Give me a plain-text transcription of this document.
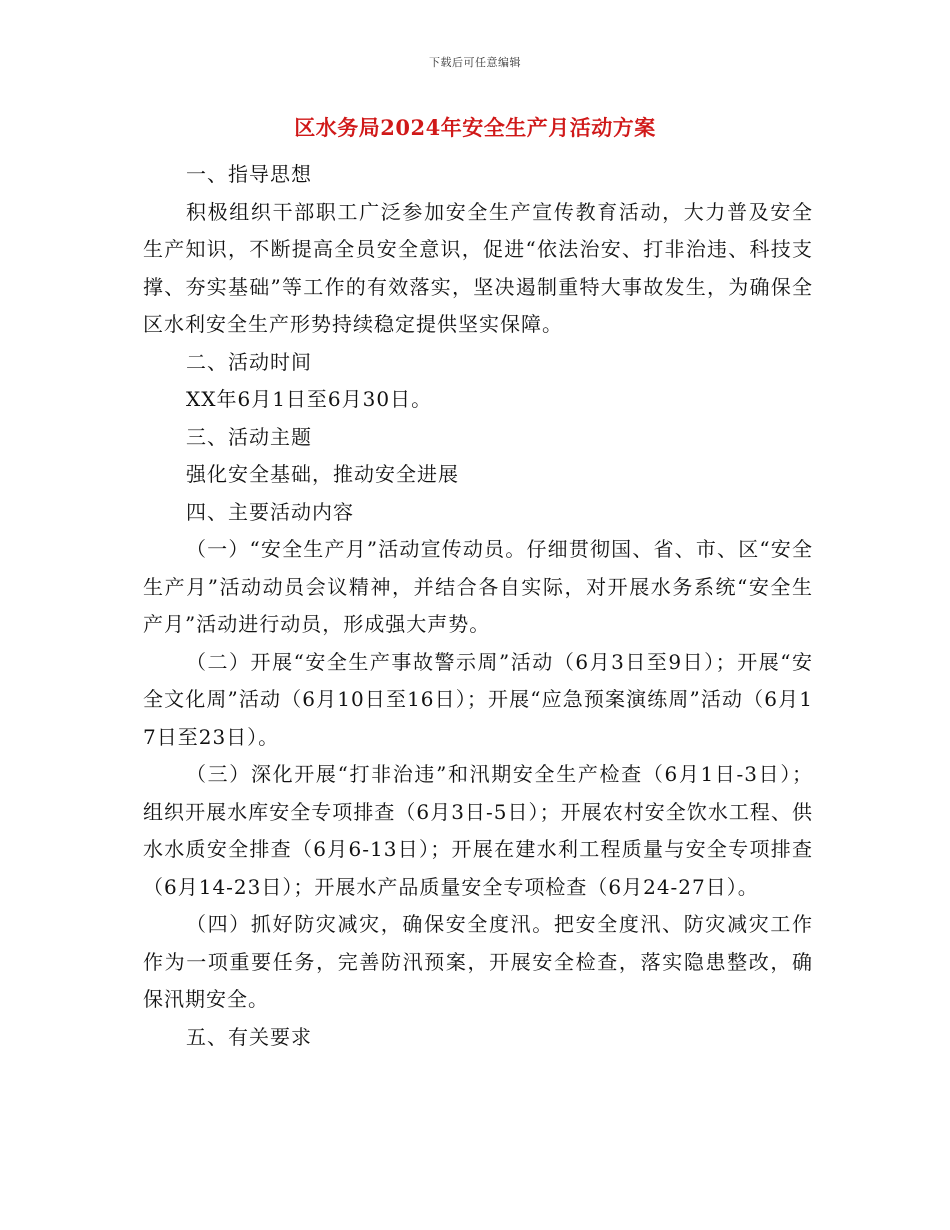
下载后可任意编辑
区水务局2024年安全生产月活动方案

一、指导思想

积极组织干部职工广泛参加安全生产宣传教育活动，大力普及安全生产知识，不断提高全员安全意识，促进“依法治安、打非治违、科技支撑、夯实基础”等工作的有效落实，坚决遏制重特大事故发生，为确保全区水利安全生产形势持续稳定提供坚实保障。

二、活动时间

XX年6月1日至6月30日。

三、活动主题

强化安全基础，推动安全进展

四、主要活动内容

（一）“安全生产月”活动宣传动员。仔细贯彻国、省、市、区“安全生产月”活动动员会议精神，并结合各自实际，对开展水务系统“安全生产月”活动进行动员，形成强大声势。

（二）开展“安全生产事故警示周”活动（6月3日至9日）；开展“安全文化周”活动（6月10日至16日）；开展“应急预案演练周”活动（6月17日至23日）。

（三）深化开展“打非治违”和汛期安全生产检查（6月1日-3日）；组织开展水库安全专项排查（6月3日-5日）；开展农村安全饮水工程、供水水质安全排查（6月6-13日）；开展在建水利工程质量与安全专项排查（6月14-23日）；开展水产品质量安全专项检查（6月24-27日）。

（四）抓好防灾减灾，确保安全度汛。把安全度汛、防灾减灾工作作为一项重要任务，完善防汛预案，开展安全检查，落实隐患整改，确保汛期安全。

五、有关要求
